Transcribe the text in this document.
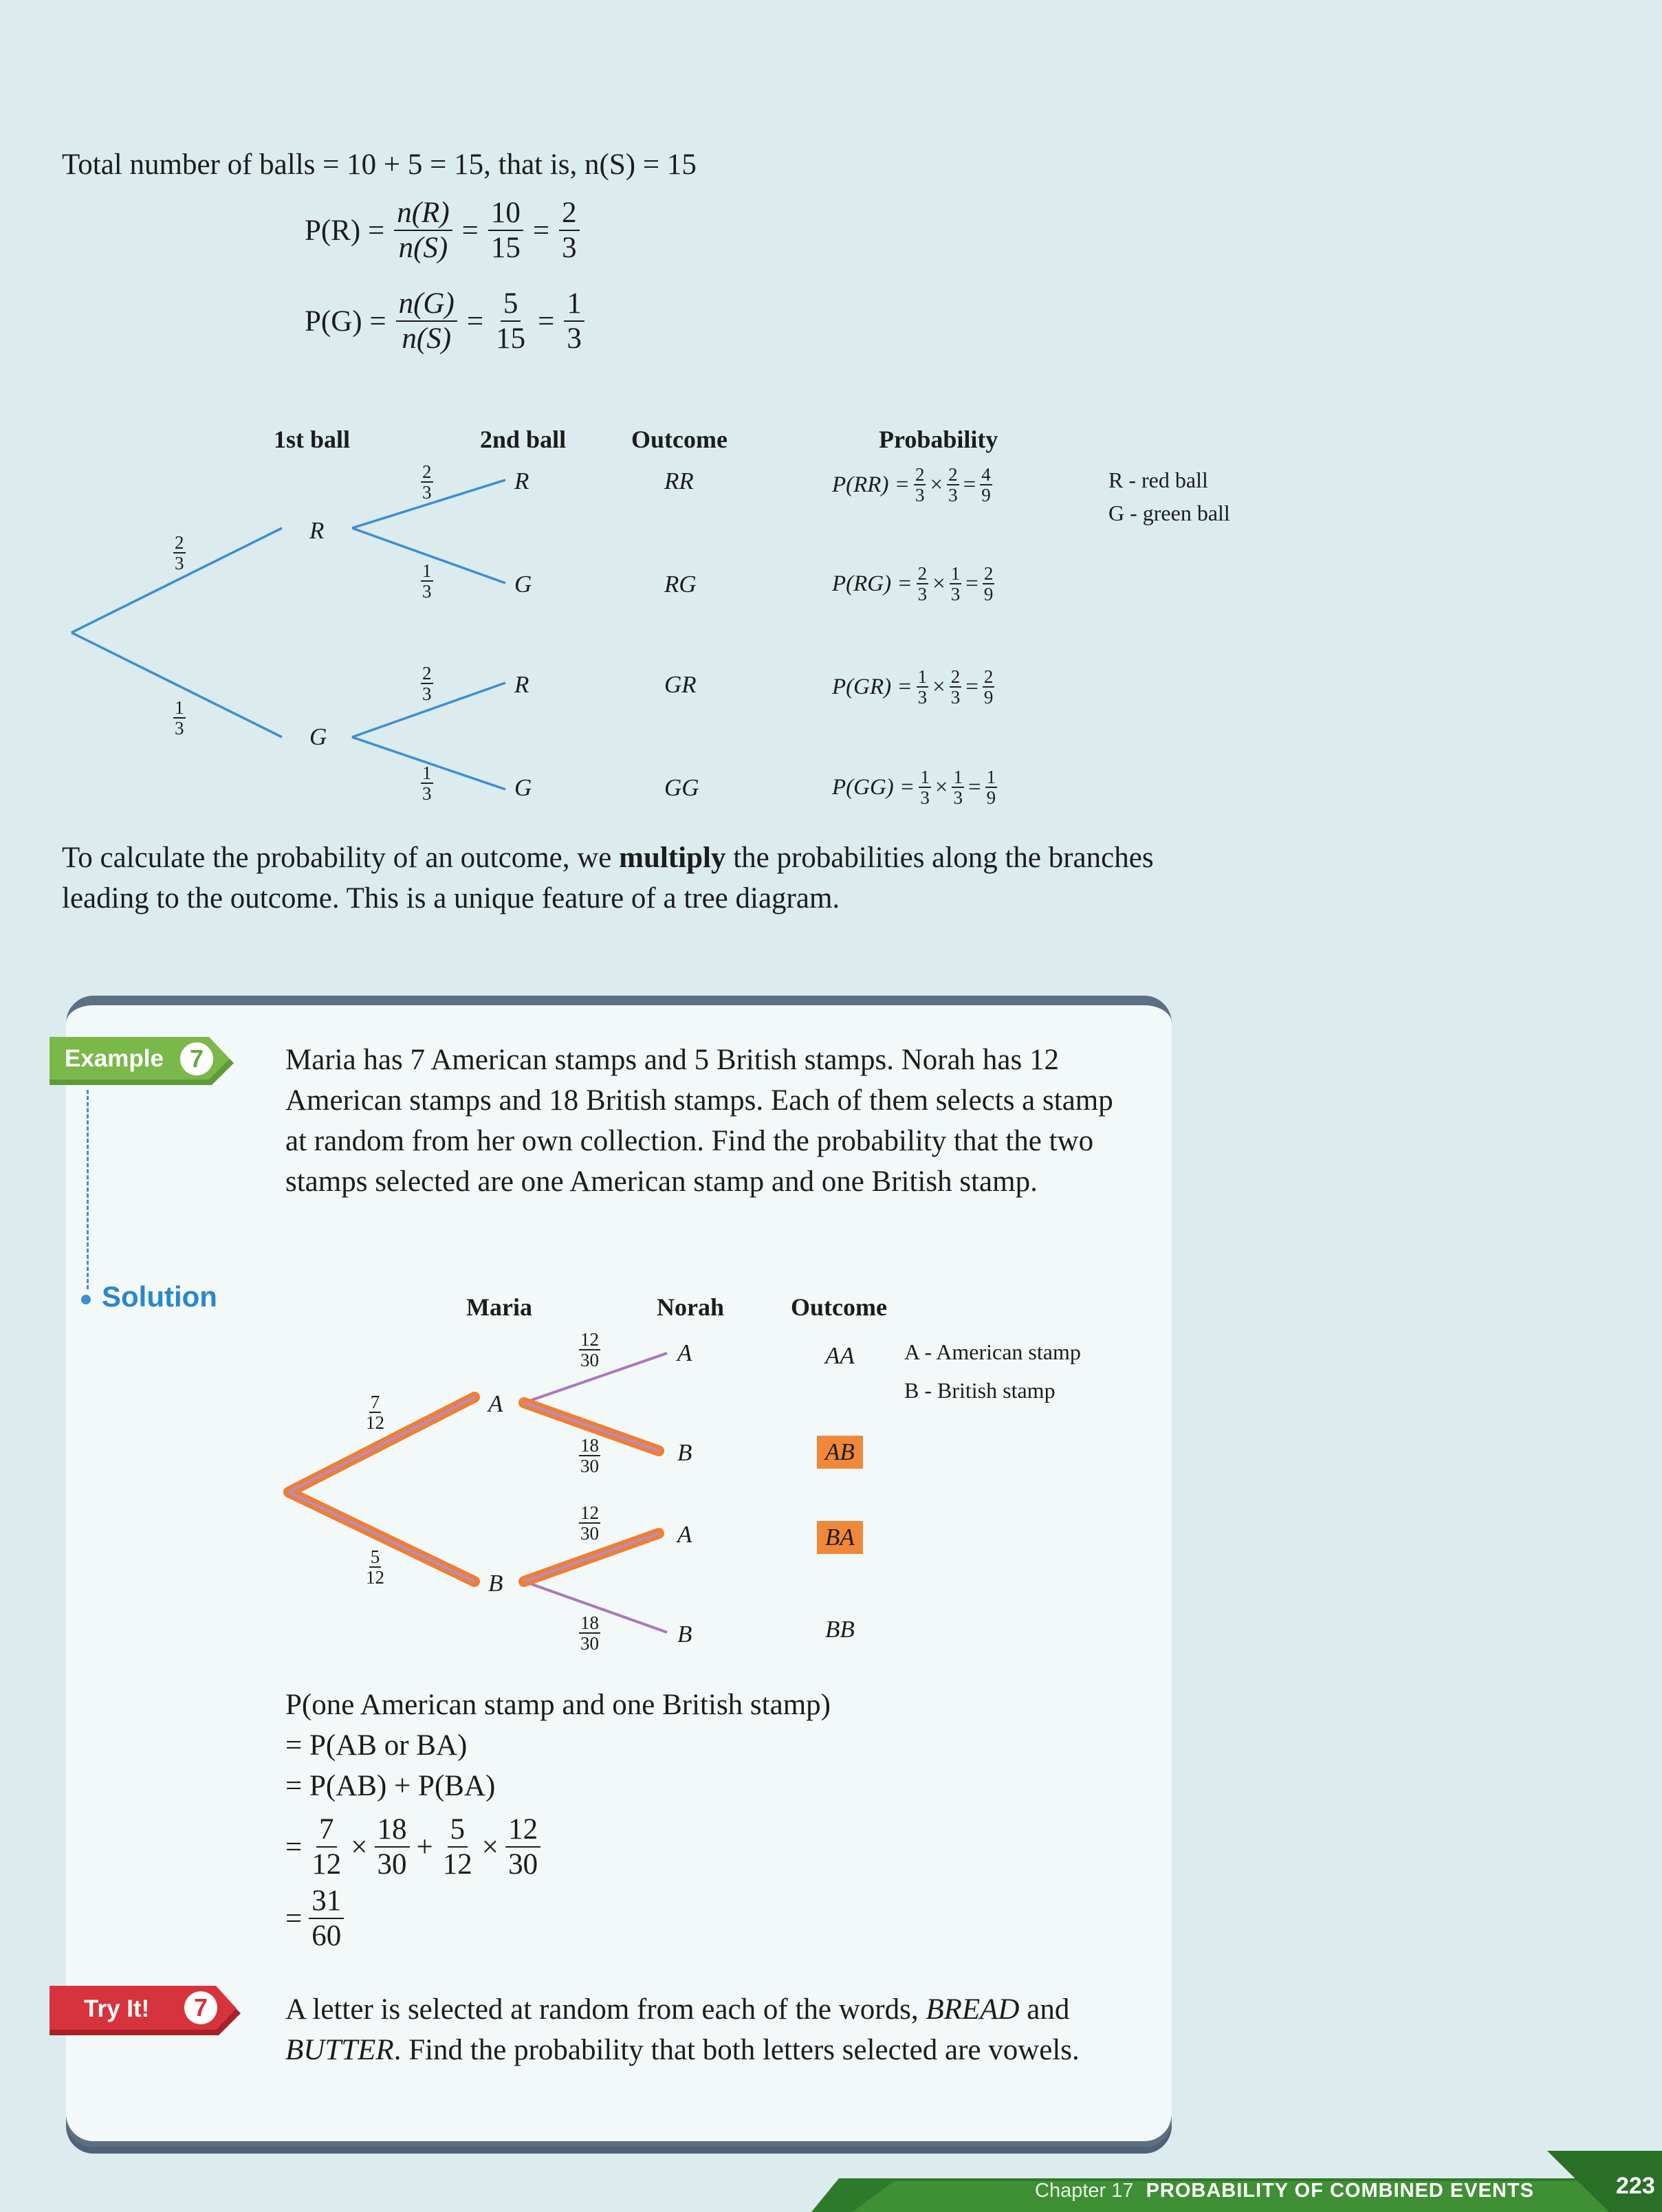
Total number of balls = 10 + 5 = 15, that is, n(S) = 15
$P(R) = \frac{n(R)}{n(S)} = \frac{10}{15} = \frac{2}{3}$
$P(G) = \frac{n(G)}{n(S)} = \frac{5}{15} = \frac{1}{3}$
1st ball	2nd ball	Outcome	Probability
2
3
1
3
R
G
2
3
1
3
2
3
1
3
R
G
R
G
RR
RG
GR
GG
$P(RR) = \frac{2}{3} \times \frac{2}{3} = \frac{4}{9}$
$P(RG) = \frac{2}{3} \times \frac{1}{3} = \frac{2}{9}$
$P(GR) = \frac{1}{3} \times \frac{2}{3} = \frac{2}{9}$
$P(GG) = \frac{1}{3} \times \frac{1}{3} = \frac{1}{9}$
R - red ball
G - green ball
To calculate the probability of an outcome, we multiply the probabilities along the branches leading to the outcome. This is a unique feature of a tree diagram.
Example	7
Solution
Maria has 7 American stamps and 5 British stamps. Norah has 12 American stamps and 18 British stamps. Each of them selects a stamp at random from her own collection. Find the probability that the two stamps selected are one American stamp and one British stamp.
Maria	Norah	Outcome
7
12
5
12
A
B
12
30
18
30
12
30
18
30
A
B
A
B
AA
AB
BA
BB
A - American stamp
B - British stamp
P(one American stamp and one British stamp)
= P(AB or BA)
= P(AB) + P(BA)
= $\frac{7}{12} \times \frac{18}{30} + \frac{5}{12} \times \frac{12}{30}$
= $\frac{31}{60}$
Try It!	7	A letter is selected at random from each of the words, BREAD and BUTTER. Find the probability that both letters selected are vowels.
Chapter 17 PROBABILITY OF COMBINED EVENTS	223
